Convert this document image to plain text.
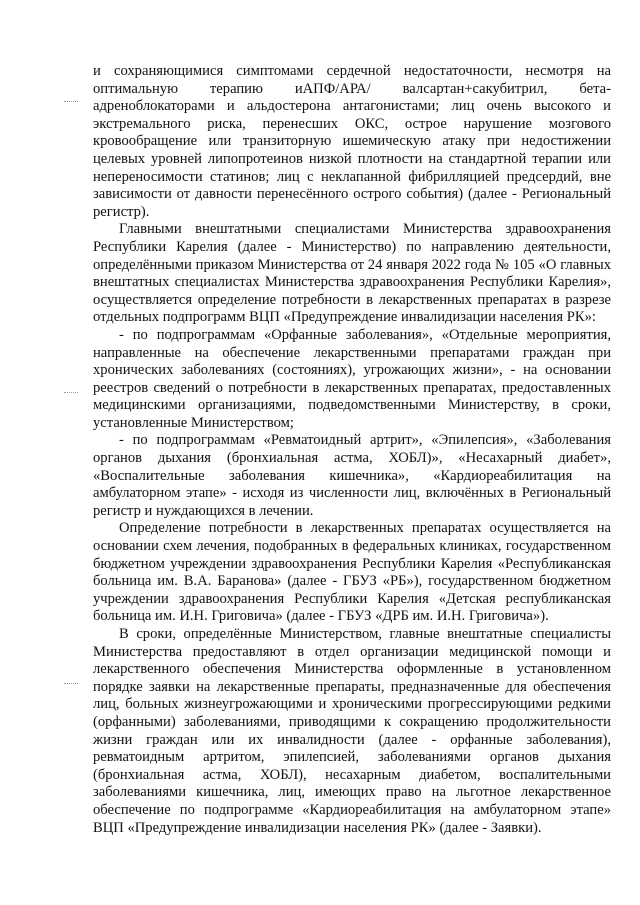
и сохраняющимися симптомами сердечной недостаточности, несмотря на оптимальную терапию иАПФ/АРА/ валсартан+сакубитрил, бета-адреноблокаторами и альдостерона антагонистами; лиц очень высокого и экстремального риска, перенесших ОКС, острое нарушение мозгового кровообращение или транзиторную ишемическую атаку при недостижении целевых уровней липопротеинов низкой плотности на стандартной терапии или непереносимости статинов; лиц с неклапанной фибрилляцией предсердий, вне зависимости от давности перенесённого острого события) (далее - Региональный регистр).

Главными внештатными специалистами Министерства здравоохранения Республики Карелия (далее - Министерство) по направлению деятельности, определёнными приказом Министерства от 24 января 2022 года № 105 «О главных внештатных специалистах Министерства здравоохранения Республики Карелия», осуществляется определение потребности в лекарственных препаратах в разрезе отдельных подпрограмм ВЦП «Предупреждение инвалидизации населения РК»:

- по подпрограммам «Орфанные заболевания», «Отдельные мероприятия, направленные на обеспечение лекарственными препаратами граждан при хронических заболеваниях (состояниях), угрожающих жизни», - на основании реестров сведений о потребности в лекарственных препаратах, предоставленных медицинскими организациями, подведомственными Министерству, в сроки, установленные Министерством;

- по подпрограммам «Ревматоидный артрит», «Эпилепсия», «Заболевания органов дыхания (бронхиальная астма, ХОБЛ)», «Несахарный диабет», «Воспалительные заболевания кишечника», «Кардиореабилитация на амбулаторном этапе» - исходя из численности лиц, включённых в Региональный регистр и нуждающихся в лечении.

Определение потребности в лекарственных препаратах осуществляется на основании схем лечения, подобранных в федеральных клиниках, государственном бюджетном учреждении здравоохранения Республики Карелия «Республиканская больница им. В.А. Баранова» (далее - ГБУЗ «РБ»), государственном бюджетном учреждении здравоохранения Республики Карелия «Детская республиканская больница им. И.Н. Григовича» (далее - ГБУЗ «ДРБ им. И.Н. Григовича»).

В сроки, определённые Министерством, главные внештатные специалисты Министерства предоставляют в отдел организации медицинской помощи и лекарственного обеспечения Министерства оформленные в установленном порядке заявки на лекарственные препараты, предназначенные для обеспечения лиц, больных жизнеугрожающими и хроническими прогрессирующими редкими (орфанными) заболеваниями, приводящими к сокращению продолжительности жизни граждан или их инвалидности (далее - орфанные заболевания), ревматоидным артритом, эпилепсией, заболеваниями органов дыхания (бронхиальная астма, ХОБЛ), несахарным диабетом, воспалительными заболеваниями кишечника, лиц, имеющих право на льготное лекарственное обеспечение по подпрограмме «Кардиореабилитация на амбулаторном этапе» ВЦП «Предупреждение инвалидизации населения РК» (далее - Заявки).
